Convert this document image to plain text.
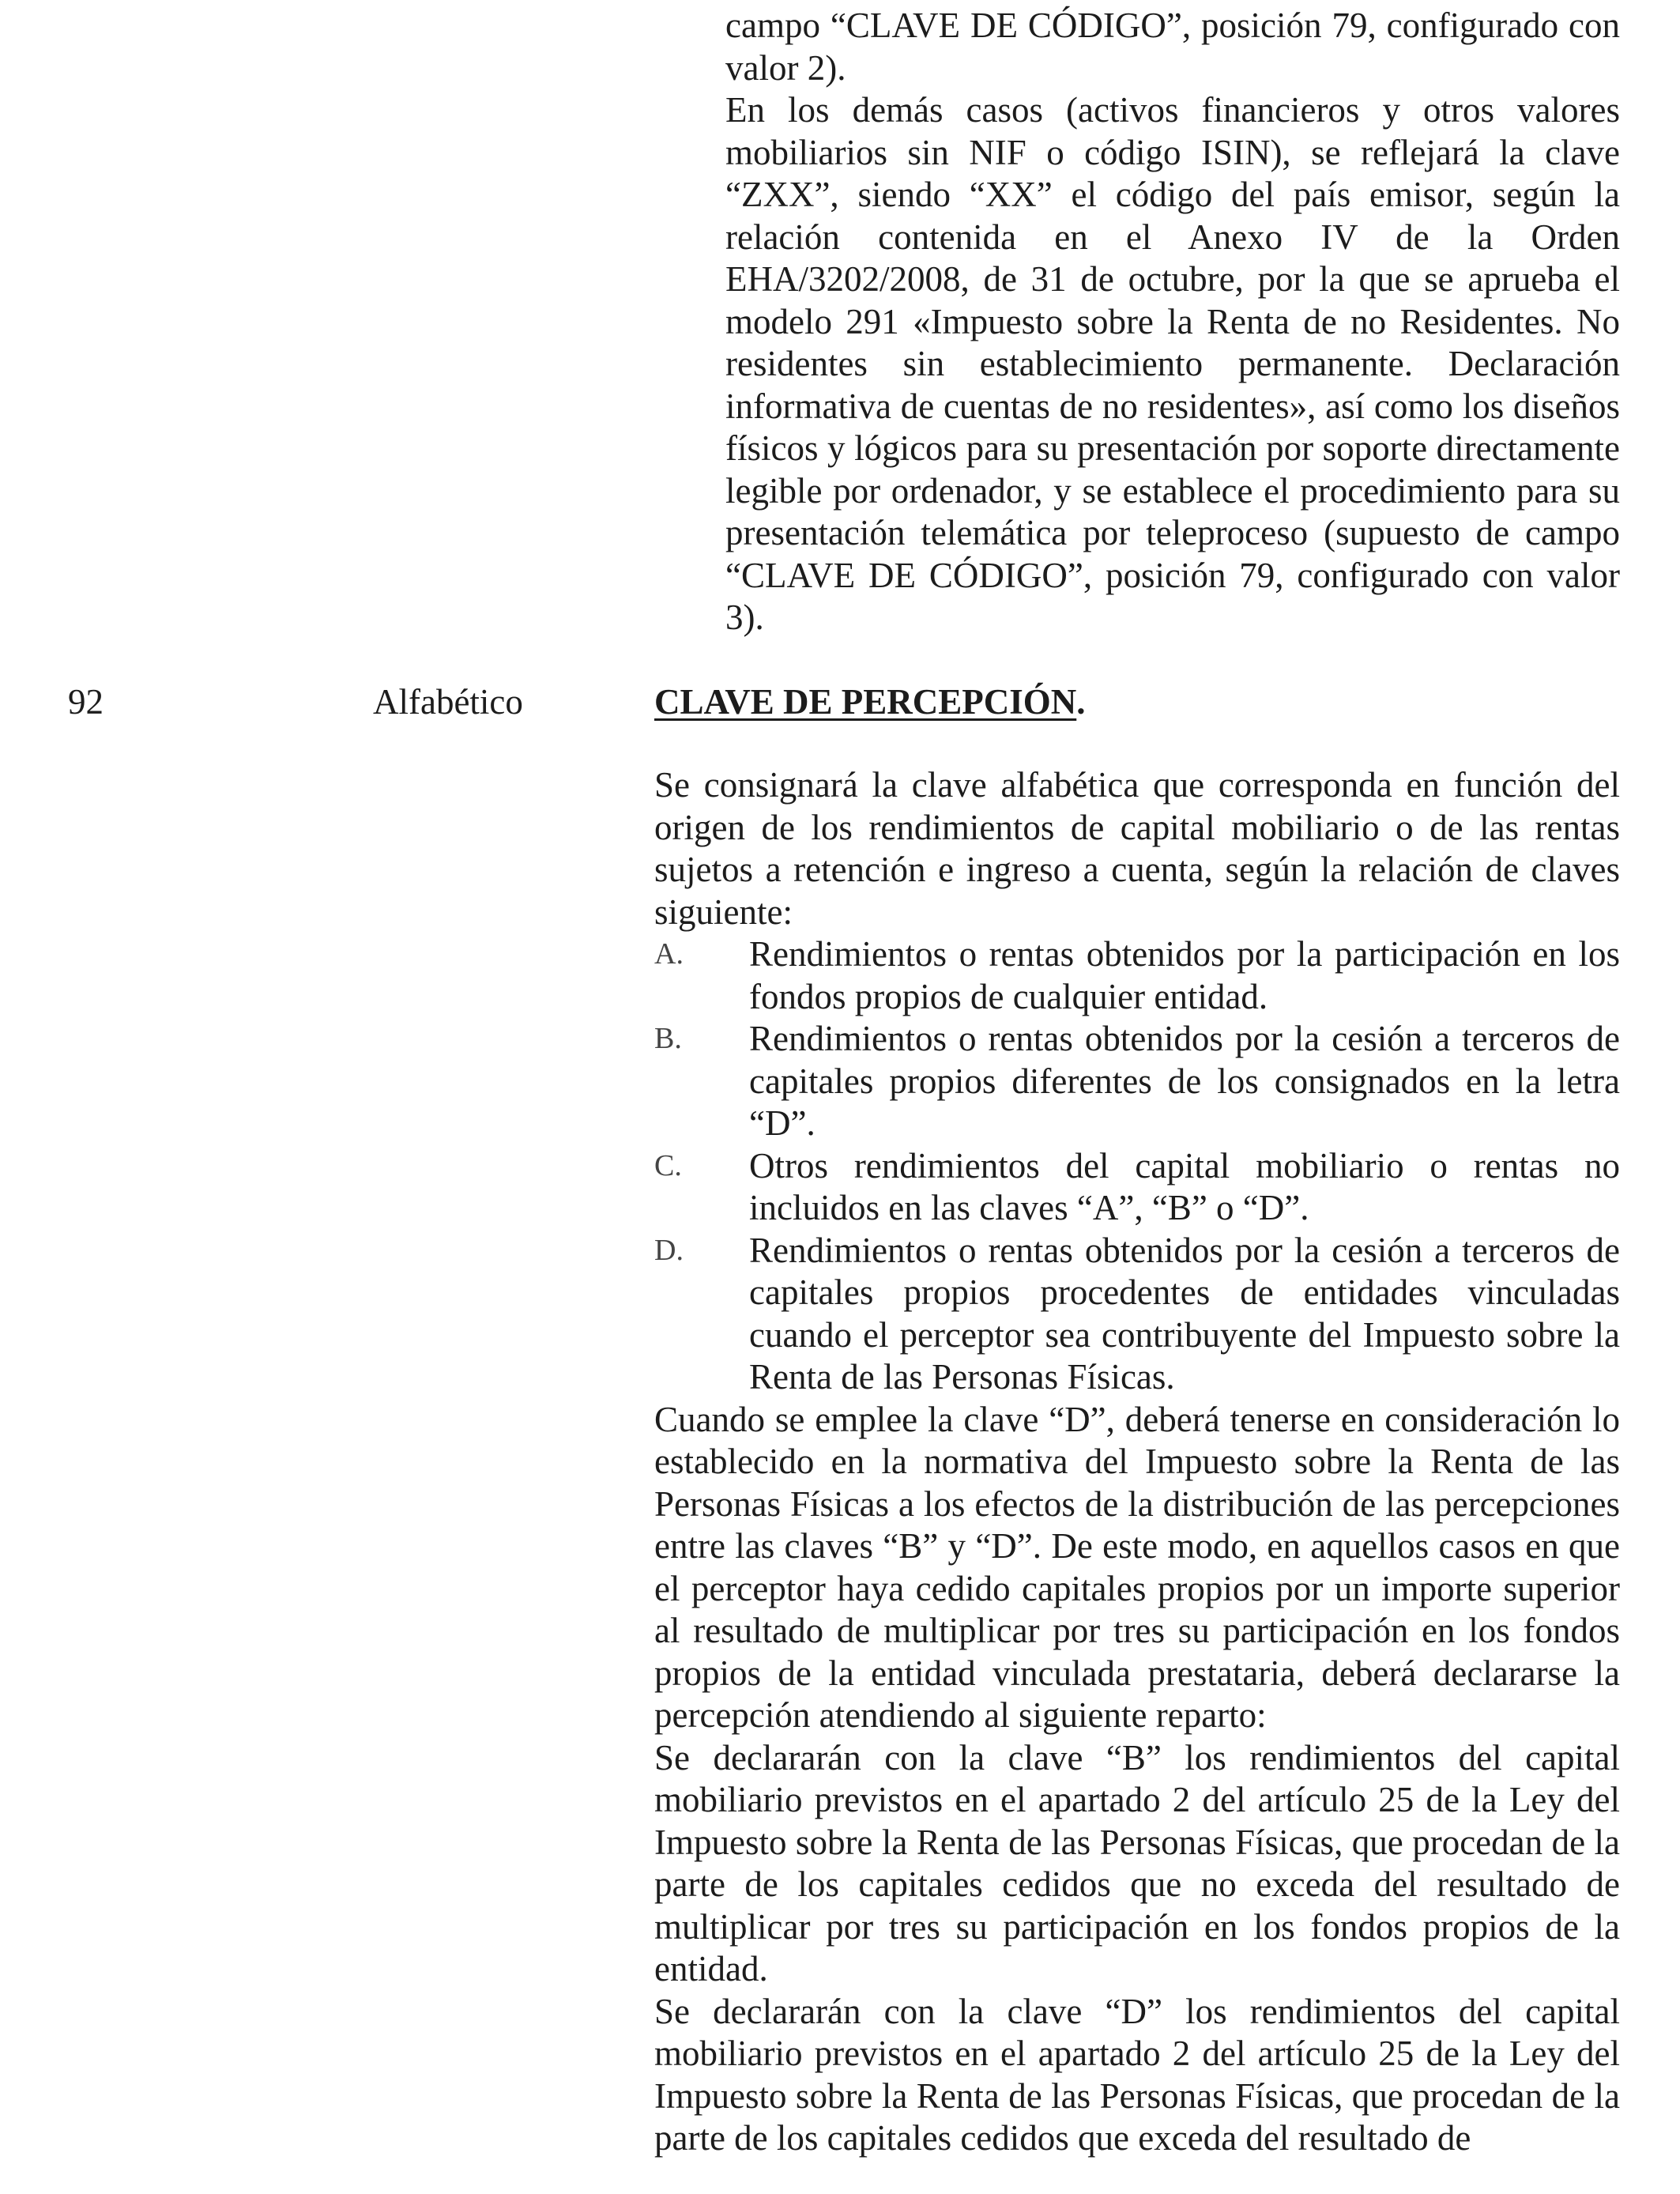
campo “CLAVE DE CÓDIGO”, posición 79, configurado con valor 2).

En los demás casos (activos financieros y otros valores mobiliarios sin NIF o código ISIN), se reflejará la clave “ZXX”, siendo “XX” el código del país emisor, según la relación contenida en el Anexo IV de la Orden EHA/3202/2008, de 31 de octubre, por la que se aprueba el modelo 291 «Impuesto sobre la Renta de no Residentes. No residentes sin establecimiento permanente. Declaración informativa de cuentas de no residentes», así como los diseños físicos y lógicos para su presentación por soporte directamente legible por ordenador, y se establece el procedimiento para su presentación telemática por teleproceso (supuesto de campo “CLAVE DE CÓDIGO”, posición 79, configurado con valor 3).

92	Alfabético	CLAVE DE PERCEPCIÓN.

Se consignará la clave alfabética que corresponda en función del origen de los rendimientos de capital mobiliario o de las rentas sujetos a retención e ingreso a cuenta, según la relación de claves siguiente:

A. Rendimientos o rentas obtenidos por la participación en los fondos propios de cualquier entidad.
B. Rendimientos o rentas obtenidos por la cesión a terceros de capitales propios diferentes de los consignados en la letra “D”.
C. Otros rendimientos del capital mobiliario o rentas no incluidos en las claves “A”, “B” o “D”.
D. Rendimientos o rentas obtenidos por la cesión a terceros de capitales propios procedentes de entidades vinculadas cuando el perceptor sea contribuyente del Impuesto sobre la Renta de las Personas Físicas.

Cuando se emplee la clave “D”, deberá tenerse en consideración lo establecido en la normativa del Impuesto sobre la Renta de las Personas Físicas a los efectos de la distribución de las percepciones entre las claves “B” y “D”. De este modo, en aquellos casos en que el perceptor haya cedido capitales propios por un importe superior al resultado de multiplicar por tres su participación en los fondos propios de la entidad vinculada prestataria, deberá declararse la percepción atendiendo al siguiente reparto:

Se declararán con la clave “B” los rendimientos del capital mobiliario previstos en el apartado 2 del artículo 25 de la Ley del Impuesto sobre la Renta de las Personas Físicas, que procedan de la parte de los capitales cedidos que no exceda del resultado de multiplicar por tres su participación en los fondos propios de la entidad.

Se declararán con la clave “D” los rendimientos del capital mobiliario previstos en el apartado 2 del artículo 25 de la Ley del Impuesto sobre la Renta de las Personas Físicas, que procedan de la parte de los capitales cedidos que exceda del resultado de
